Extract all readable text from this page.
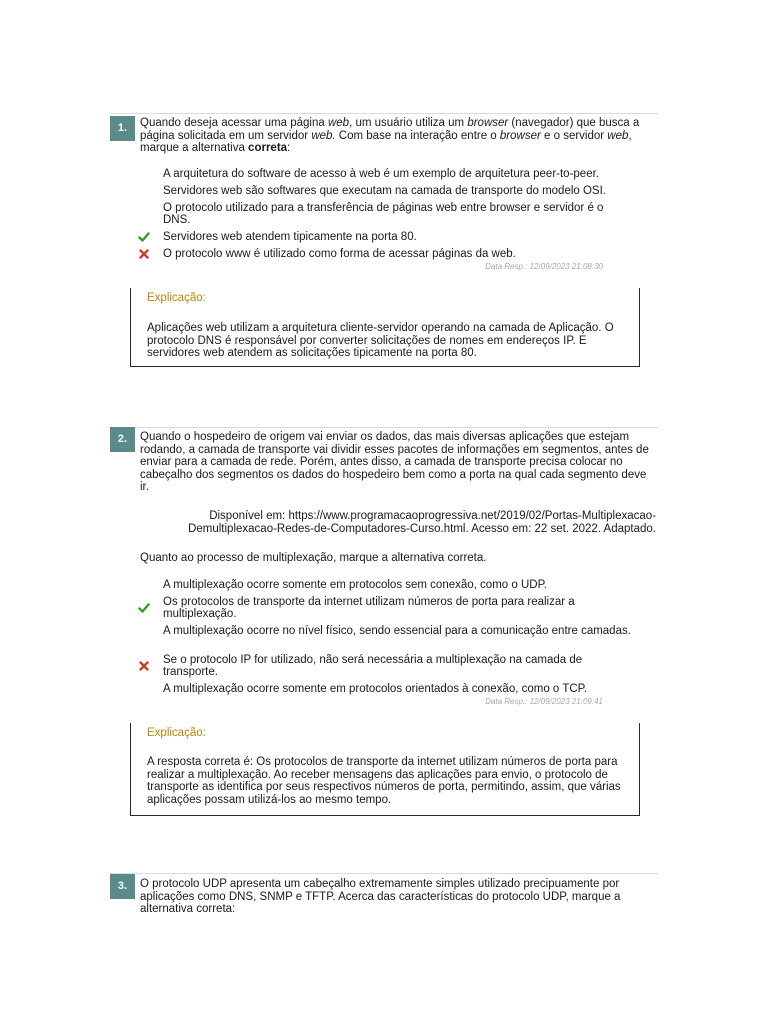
1.	Quando deseja acessar uma página web, um usuário utiliza um browser (navegador) que busca a página solicitada em um servidor web. Com base na interação entre o browser e o servidor web, marque a alternativa correta:
A arquitetura do software de acesso à web é um exemplo de arquitetura peer-to-peer.
Servidores web são softwares que executam na camada de transporte do modelo OSI.
O protocolo utilizado para a transferência de páginas web entre browser e servidor é o DNS.
Servidores web atendem tipicamente na porta 80.
O protocolo www é utilizado como forma de acessar páginas da web.
Data Resp.: 12/09/2023 21:08:30
Explicação:
Aplicações web utilizam a arquitetura cliente-servidor operando na camada de Aplicação. O protocolo DNS é responsável por converter solicitações de nomes em endereços IP. E servidores web atendem as solicitações tipicamente na porta 80.
2.	Quando o hospedeiro de origem vai enviar os dados, das mais diversas aplicações que estejam rodando, a camada de transporte vai dividir esses pacotes de informações em segmentos, antes de enviar para a camada de rede. Porém, antes disso, a camada de transporte precisa colocar no cabeçalho dos segmentos os dados do hospedeiro bem como a porta na qual cada segmento deve ir.
Disponível em: https://www.programacaoprogressiva.net/2019/02/Portas-Multiplexacao-Demultiplexacao-Redes-de-Computadores-Curso.html. Acesso em: 22 set. 2022. Adaptado.
Quanto ao processo de multiplexação, marque a alternativa correta.
A multiplexação ocorre somente em protocolos sem conexão, como o UDP.
Os protocolos de transporte da internet utilizam números de porta para realizar a multiplexação.
A multiplexação ocorre no nível físico, sendo essencial para a comunicação entre camadas.
Se o protocolo IP for utilizado, não será necessária a multiplexação na camada de transporte.
A multiplexação ocorre somente em protocolos orientados à conexão, como o TCP.
Data Resp.: 12/09/2023 21:09:41
Explicação:
A resposta correta é: Os protocolos de transporte da internet utilizam números de porta para realizar a multiplexação. Ao receber mensagens das aplicações para envio, o protocolo de transporte as identifica por seus respectivos números de porta, permitindo, assim, que várias aplicações possam utilizá-los ao mesmo tempo.
3.	O protocolo UDP apresenta um cabeçalho extremamente simples utilizado precipuamente por aplicações como DNS, SNMP e TFTP. Acerca das características do protocolo UDP, marque a alternativa correta:
